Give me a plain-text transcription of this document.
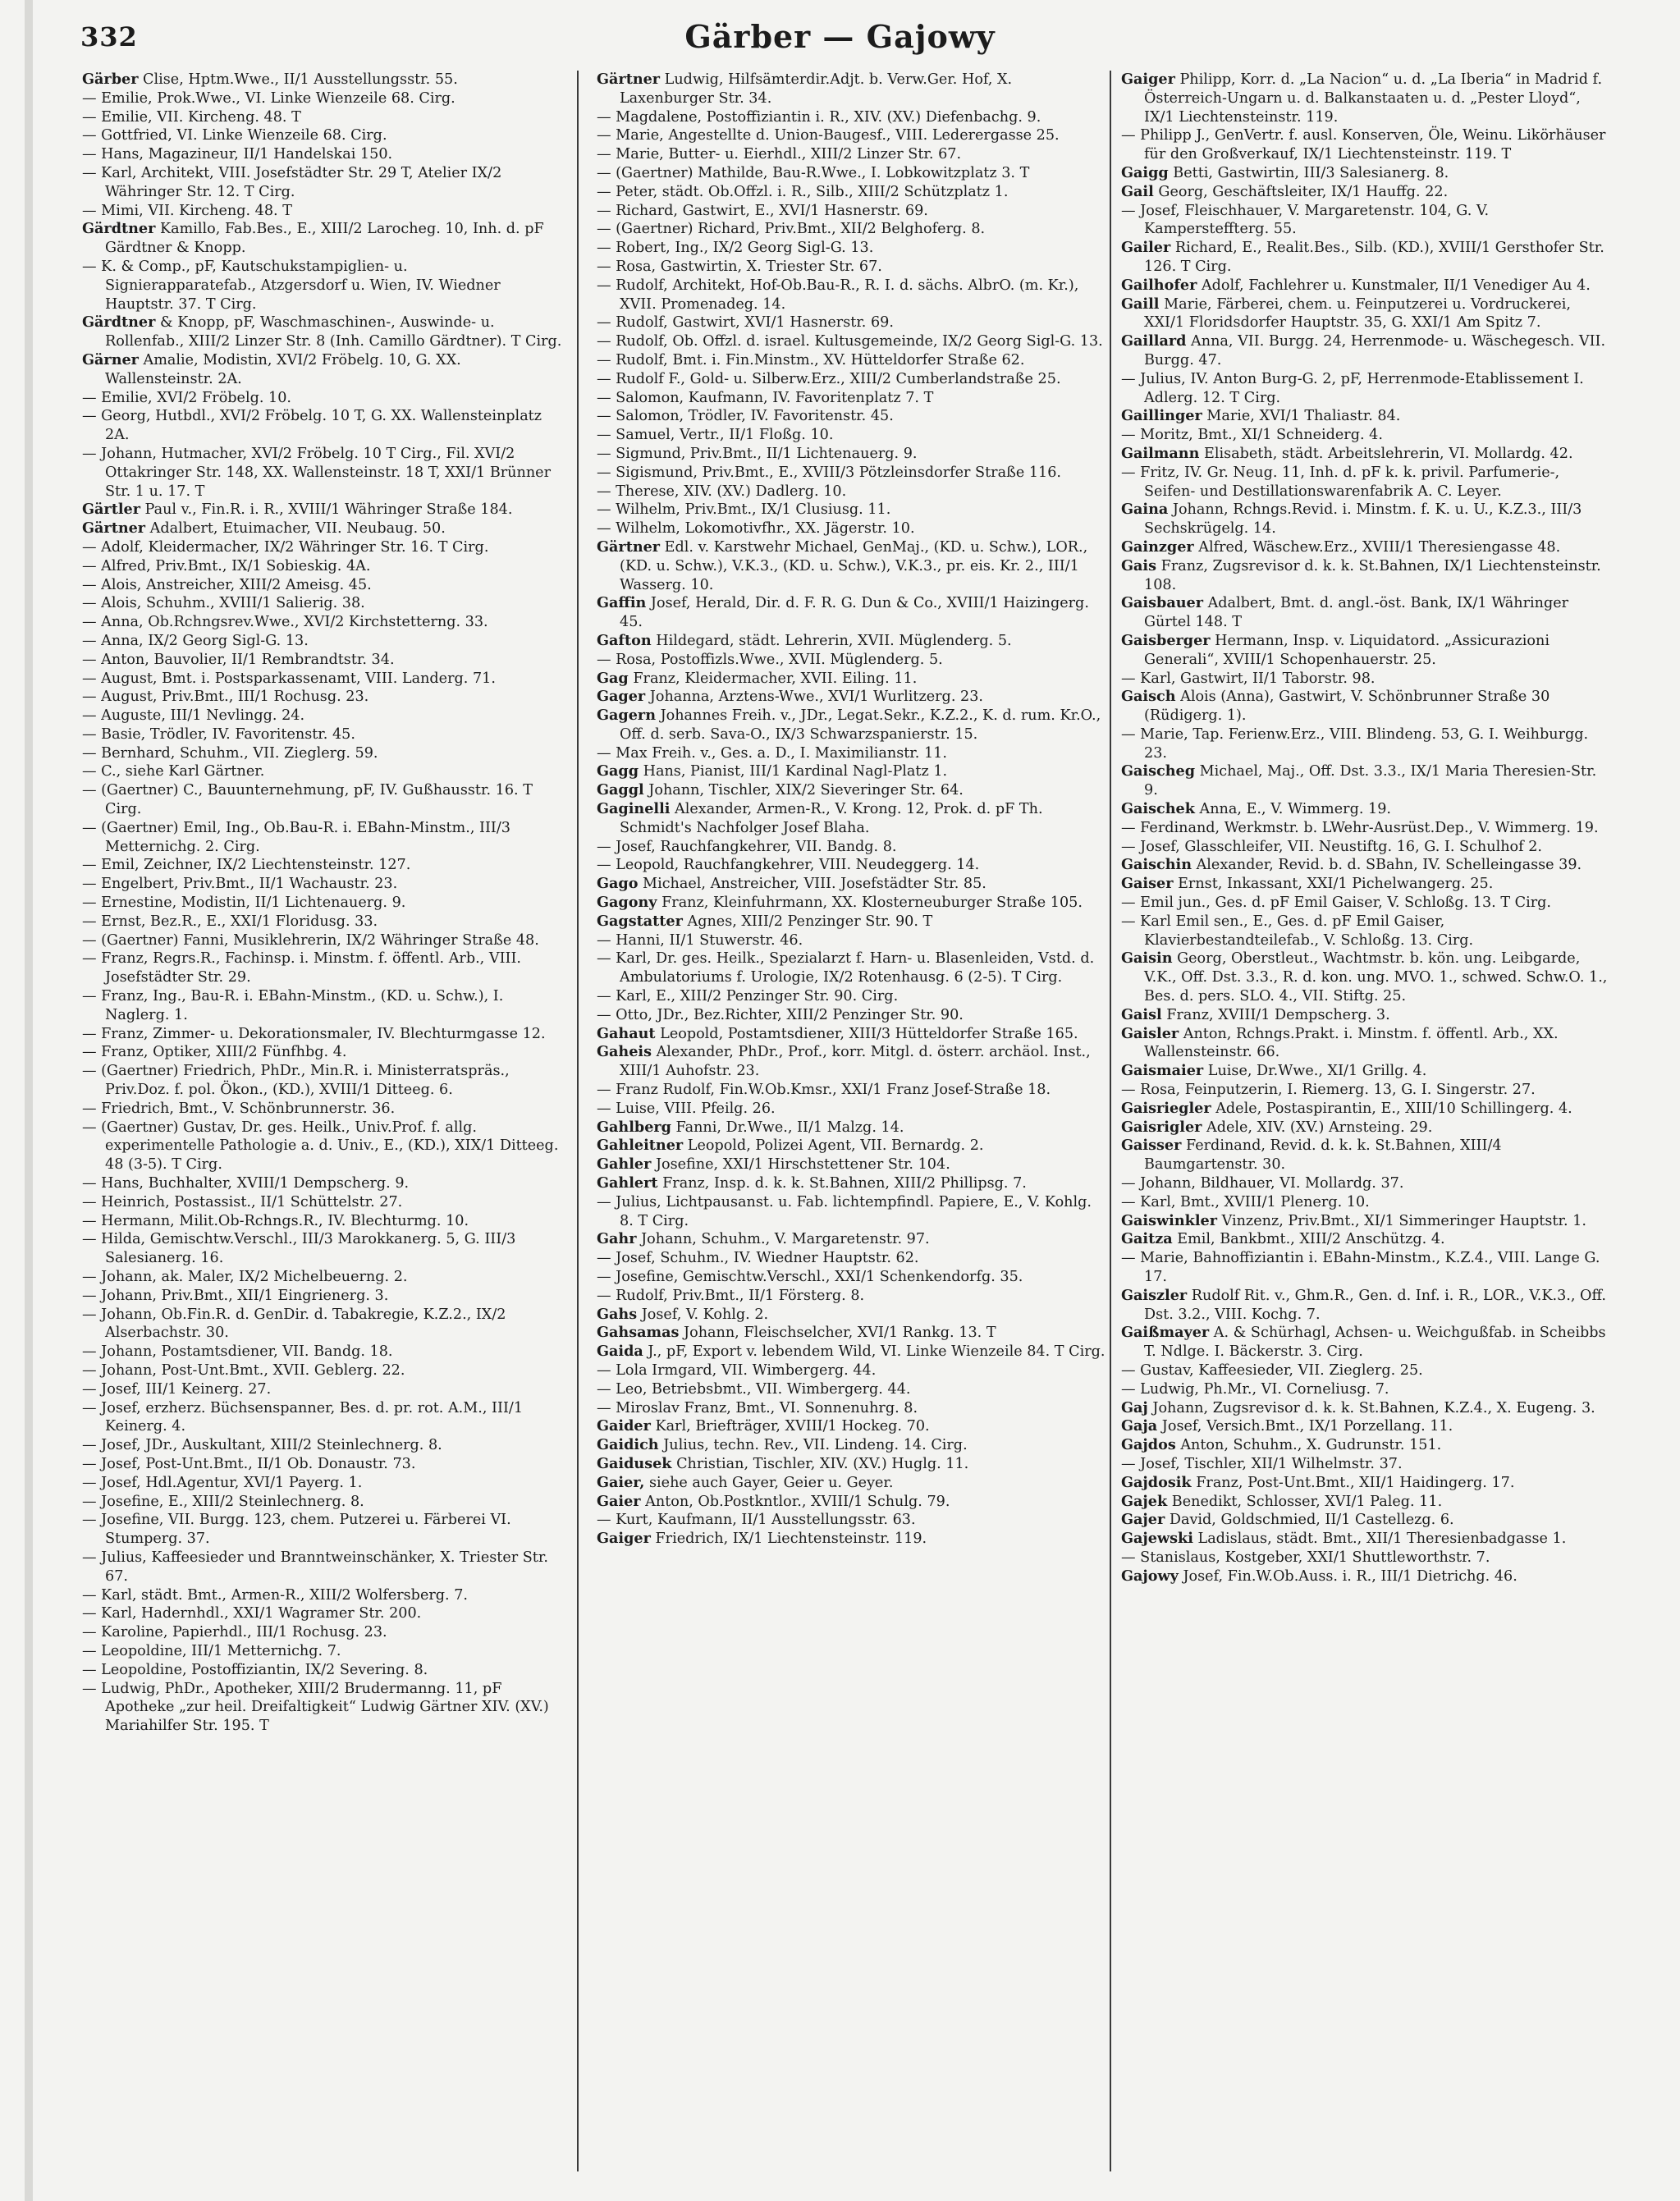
332	Gärber — Gajowy

Gärber Clise, Hptm.Wwe., II/1 Ausstellungsstr. 55.

— Emilie, Prok.Wwe., VI. Linke Wienzeile 68. Cirg.

— Emilie, VII. Kircheng. 48. T

— Gottfried, VI. Linke Wienzeile 68. Cirg.

— Hans, Magazineur, II/1 Handelskai 150.

— Karl, Architekt, VIII. Josefstädter Str. 29 T, Atelier IX/2 Währinger Str. 12. T Cirg.

— Mimi, VII. Kircheng. 48. T

Gärdtner Kamillo, Fab.Bes., E., XIII/2 Larocheg. 10, Inh. d. pF Gärdtner & Knopp.

— K. & Comp., pF, Kautschukstampiglien- u. Signierapparatefab., Atzgersdorf u. Wien, IV. Wiedner Hauptstr. 37. T Cirg.

Gärdtner & Knopp, pF, Waschmaschinen-, Auswinde- u. Rollenfab., XIII/2 Linzer Str. 8 (Inh. Camillo Gärdtner). T Cirg.

Gärner Amalie, Modistin, XVI/2 Fröbelg. 10, G. XX. Wallensteinstr. 2A.

— Emilie, XVI/2 Fröbelg. 10.

— Georg, Hutbdl., XVI/2 Fröbelg. 10 T, G. XX. Wallensteinplatz 2A.

— Johann, Hutmacher, XVI/2 Fröbelg. 10 T Cirg., Fil. XVI/2 Ottakringer Str. 148, XX. Wallensteinstr. 18 T, XXI/1 Brünner Str. 1 u. 17. T

Gärtler Paul v., Fin.R. i. R., XVIII/1 Währinger Straße 184.

Gärtner Adalbert, Etuimacher, VII. Neubaug. 50.

— Adolf, Kleidermacher, IX/2 Währinger Str. 16. T Cirg.

— Alfred, Priv.Bmt., IX/1 Sobieskig. 4A.

— Alois, Anstreicher, XIII/2 Ameisg. 45.

— Alois, Schuhm., XVIII/1 Salierig. 38.

— Anna, Ob.Rchngsrev.Wwe., XVI/2 Kirchstetterng. 33.

— Anna, IX/2 Georg Sigl-G. 13.

— Anton, Bauvolier, II/1 Rembrandtstr. 34.

— August, Bmt. i. Postsparkassenamt, VIII. Landerg. 71.

— August, Priv.Bmt., III/1 Rochusg. 23.

— Auguste, III/1 Nevlingg. 24.

— Basie, Trödler, IV. Favoritenstr. 45.

— Bernhard, Schuhm., VII. Zieglerg. 59.

— C., siehe Karl Gärtner.

— (Gaertner) C., Bauunternehmung, pF, IV. Gußhausstr. 16. T Cirg.

— (Gaertner) Emil, Ing., Ob.Bau-R. i. EBahn-Minstm., III/3 Metternichg. 2. Cirg.

— Emil, Zeichner, IX/2 Liechtensteinstr. 127.

— Engelbert, Priv.Bmt., II/1 Wachaustr. 23.

— Ernestine, Modistin, II/1 Lichtenauerg. 9.

— Ernst, Bez.R., E., XXI/1 Floridusg. 33.

— (Gaertner) Fanni, Musiklehrerin, IX/2 Währinger Straße 48.

— Franz, Regrs.R., Fachinsp. i. Minstm. f. öffentl. Arb., VIII. Josefstädter Str. 29.

— Franz, Ing., Bau-R. i. EBahn-Minstm., (KD. u. Schw.), I. Naglerg. 1.

— Franz, Zimmer- u. Dekorationsmaler, IV. Blechturmgasse 12.

— Franz, Optiker, XIII/2 Fünfhbg. 4.

— (Gaertner) Friedrich, PhDr., Min.R. i. Ministerratspräs., Priv.Doz. f. pol. Ökon., (KD.), XVIII/1 Ditteeg. 6.

— Friedrich, Bmt., V. Schönbrunnerstr. 36.

— (Gaertner) Gustav, Dr. ges. Heilk., Univ.Prof. f. allg. experimentelle Pathologie a. d. Univ., E., (KD.), XIX/1 Ditteeg. 48 (3-5). T Cirg.

— Hans, Buchhalter, XVIII/1 Dempscherg. 9.

— Heinrich, Postassist., II/1 Schüttelstr. 27.

— Hermann, Milit.Ob-Rchngs.R., IV. Blechturmg. 10.

— Hilda, Gemischtw.Verschl., III/3 Marokkanerg. 5, G. III/3 Salesianerg. 16.

— Johann, ak. Maler, IX/2 Michelbeuerng. 2.

— Johann, Priv.Bmt., XII/1 Eingrienerg. 3.

— Johann, Ob.Fin.R. d. GenDir. d. Tabakregie, K.Z.2., IX/2 Alserbachstr. 30.

— Johann, Postamtsdiener, VII. Bandg. 18.

— Johann, Post-Unt.Bmt., XVII. Geblerg. 22.

— Josef, III/1 Keinerg. 27.

— Josef, erzherz. Büchsenspanner, Bes. d. pr. rot. A.M., III/1 Keinerg. 4.

— Josef, JDr., Auskultant, XIII/2 Steinlechnerg. 8.

— Josef, Post-Unt.Bmt., II/1 Ob. Donaustr. 73.

— Josef, Hdl.Agentur, XVI/1 Payerg. 1.

— Josefine, E., XIII/2 Steinlechnerg. 8.

— Josefine, VII. Burgg. 123, chem. Putzerei u. Färberei VI. Stumperg. 37.

— Julius, Kaffeesieder und Branntweinschänker, X. Triester Str. 67.

— Karl, städt. Bmt., Armen-R., XIII/2 Wolfersberg. 7.

— Karl, Hadernhdl., XXI/1 Wagramer Str. 200.

— Karoline, Papierhdl., III/1 Rochusg. 23.

— Leopoldine, III/1 Metternichg. 7.

— Leopoldine, Postoffiziantin, IX/2 Severing. 8.

— Ludwig, PhDr., Apotheker, XIII/2 Brudermanng. 11, pF Apotheke „zur heil. Dreifaltigkeit“ Ludwig Gärtner XIV. (XV.) Mariahilfer Str. 195. T

Gärtner Ludwig, Hilfsämterdir.Adjt. b. Verw.Ger. Hof, X. Laxenburger Str. 34.

— Magdalene, Postoffiziantin i. R., XIV. (XV.) Diefenbachg. 9.

— Marie, Angestellte d. Union-Baugesf., VIII. Lederergasse 25.

— Marie, Butter- u. Eierhdl., XIII/2 Linzer Str. 67.

— (Gaertner) Mathilde, Bau-R.Wwe., I. Lobkowitzplatz 3. T

— Peter, städt. Ob.Offzl. i. R., Silb., XIII/2 Schützplatz 1.

— Richard, Gastwirt, E., XVI/1 Hasnerstr. 69.

— (Gaertner) Richard, Priv.Bmt., XII/2 Belghoferg. 8.

— Robert, Ing., IX/2 Georg Sigl-G. 13.

— Rosa, Gastwirtin, X. Triester Str. 67.

— Rudolf, Architekt, Hof-Ob.Bau-R., R. I. d. sächs. AlbrO. (m. Kr.), XVII. Promenadeg. 14.

— Rudolf, Gastwirt, XVI/1 Hasnerstr. 69.

— Rudolf, Ob. Offzl. d. israel. Kultusgemeinde, IX/2 Georg Sigl-G. 13.

— Rudolf, Bmt. i. Fin.Minstm., XV. Hütteldorfer Straße 62.

— Rudolf F., Gold- u. Silberw.Erz., XIII/2 Cumberlandstraße 25.

— Salomon, Kaufmann, IV. Favoritenplatz 7. T

— Salomon, Trödler, IV. Favoritenstr. 45.

— Samuel, Vertr., II/1 Floßg. 10.

— Sigmund, Priv.Bmt., II/1 Lichtenauerg. 9.

— Sigismund, Priv.Bmt., E., XVIII/3 Pötzleinsdorfer Straße 116.

— Therese, XIV. (XV.) Dadlerg. 10.

— Wilhelm, Priv.Bmt., IX/1 Clusiusg. 11.

— Wilhelm, Lokomotivfhr., XX. Jägerstr. 10.

Gärtner Edl. v. Karstwehr Michael, GenMaj., (KD. u. Schw.), LOR., (KD. u. Schw.), V.K.3., (KD. u. Schw.), V.K.3., pr. eis. Kr. 2., III/1 Wasserg. 10.

Gaffin Josef, Herald, Dir. d. F. R. G. Dun & Co., XVIII/1 Haizingerg. 45.

Gafton Hildegard, städt. Lehrerin, XVII. Müglenderg. 5.

— Rosa, Postoffizls.Wwe., XVII. Müglenderg. 5.

Gag Franz, Kleidermacher, XVII. Eiling. 11.

Gager Johanna, Arztens-Wwe., XVI/1 Wurlitzerg. 23.

Gagern Johannes Freih. v., JDr., Legat.Sekr., K.Z.2., K. d. rum. Kr.O., Off. d. serb. Sava-O., IX/3 Schwarzspanierstr. 15.

— Max Freih. v., Ges. a. D., I. Maximilianstr. 11.

Gagg Hans, Pianist, III/1 Kardinal Nagl-Platz 1.

Gaggl Johann, Tischler, XIX/2 Sieveringer Str. 64.

Gaginelli Alexander, Armen-R., V. Krong. 12, Prok. d. pF Th. Schmidt's Nachfolger Josef Blaha.

— Josef, Rauchfangkehrer, VII. Bandg. 8.

— Leopold, Rauchfangkehrer, VIII. Neudeggerg. 14.

Gago Michael, Anstreicher, VIII. Josefstädter Str. 85.

Gagony Franz, Kleinfuhrmann, XX. Klosterneuburger Straße 105.

Gagstatter Agnes, XIII/2 Penzinger Str. 90. T

— Hanni, II/1 Stuwerstr. 46.

— Karl, Dr. ges. Heilk., Spezialarzt f. Harn- u. Blasenleiden, Vstd. d. Ambulatoriums f. Urologie, IX/2 Rotenhausg. 6 (2-5). T Cirg.

— Karl, E., XIII/2 Penzinger Str. 90. Cirg.

— Otto, JDr., Bez.Richter, XIII/2 Penzinger Str. 90.

Gahaut Leopold, Postamtsdiener, XIII/3 Hütteldorfer Straße 165.

Gaheis Alexander, PhDr., Prof., korr. Mitgl. d. österr. archäol. Inst., XIII/1 Auhofstr. 23.

— Franz Rudolf, Fin.W.Ob.Kmsr., XXI/1 Franz Josef-Straße 18.

— Luise, VIII. Pfeilg. 26.

Gahlberg Fanni, Dr.Wwe., II/1 Malzg. 14.

Gahleitner Leopold, Polizei Agent, VII. Bernardg. 2.

Gahler Josefine, XXI/1 Hirschstettener Str. 104.

Gahlert Franz, Insp. d. k. k. St.Bahnen, XIII/2 Phillipsg. 7.

— Julius, Lichtpausanst. u. Fab. lichtempfindl. Papiere, E., V. Kohlg. 8. T Cirg.

Gahr Johann, Schuhm., V. Margaretenstr. 97.

— Josef, Schuhm., IV. Wiedner Hauptstr. 62.

— Josefine, Gemischtw.Verschl., XXI/1 Schenkendorfg. 35.

— Rudolf, Priv.Bmt., II/1 Försterg. 8.

Gahs Josef, V. Kohlg. 2.

Gahsamas Johann, Fleischselcher, XVI/1 Rankg. 13. T

Gaida J., pF, Export v. lebendem Wild, VI. Linke Wienzeile 84. T Cirg.

— Lola Irmgard, VII. Wimbergerg. 44.

— Leo, Betriebsbmt., VII. Wimbergerg. 44.

— Miroslav Franz, Bmt., VI. Sonnenuhrg. 8.

Gaider Karl, Briefträger, XVIII/1 Hockeg. 70.

Gaidich Julius, techn. Rev., VII. Lindeng. 14. Cirg.

Gaidusek Christian, Tischler, XIV. (XV.) Huglg. 11.

Gaier, siehe auch Gayer, Geier u. Geyer.

Gaier Anton, Ob.Postkntlor., XVIII/1 Schulg. 79.

— Kurt, Kaufmann, II/1 Ausstellungsstr. 63.

Gaiger Friedrich, IX/1 Liechtensteinstr. 119.

Gaiger Philipp, Korr. d. „La Nacion“ u. d. „La Iberia“ in Madrid f. Österreich-Ungarn u. d. Balkanstaaten u. d. „Pester Lloyd“, IX/1 Liechtensteinstr. 119.

— Philipp J., GenVertr. f. ausl. Konserven, Öle, Weinu. Likörhäuser für den Großverkauf, IX/1 Liechtensteinstr. 119. T

Gaigg Betti, Gastwirtin, III/3 Salesianerg. 8.

Gail Georg, Geschäftsleiter, IX/1 Hauffg. 22.

— Josef, Fleischhauer, V. Margaretenstr. 104, G. V. Kampersteffterg. 55.

Gailer Richard, E., Realit.Bes., Silb. (KD.), XVIII/1 Gersthofer Str. 126. T Cirg.

Gailhofer Adolf, Fachlehrer u. Kunstmaler, II/1 Venediger Au 4.

Gaill Marie, Färberei, chem. u. Feinputzerei u. Vordruckerei, XXI/1 Floridsdorfer Hauptstr. 35, G. XXI/1 Am Spitz 7.

Gaillard Anna, VII. Burgg. 24, Herrenmode- u. Wäschegesch. VII. Burgg. 47.

— Julius, IV. Anton Burg-G. 2, pF, Herrenmode-Etablissement I. Adlerg. 12. T Cirg.

Gaillinger Marie, XVI/1 Thaliastr. 84.

— Moritz, Bmt., XI/1 Schneiderg. 4.

Gailmann Elisabeth, städt. Arbeitslehrerin, VI. Mollardg. 42.

— Fritz, IV. Gr. Neug. 11, Inh. d. pF k. k. privil. Parfumerie-, Seifen- und Destillationswarenfabrik A. C. Leyer.

Gaina Johann, Rchngs.Revid. i. Minstm. f. K. u. U., K.Z.3., III/3 Sechskrügelg. 14.

Gainzger Alfred, Wäschew.Erz., XVIII/1 Theresiengasse 48.

Gais Franz, Zugsrevisor d. k. k. St.Bahnen, IX/1 Liechtensteinstr. 108.

Gaisbauer Adalbert, Bmt. d. angl.-öst. Bank, IX/1 Währinger Gürtel 148. T

Gaisberger Hermann, Insp. v. Liquidatord. „Assicurazioni Generali“, XVIII/1 Schopenhauerstr. 25.

— Karl, Gastwirt, II/1 Taborstr. 98.

Gaisch Alois (Anna), Gastwirt, V. Schönbrunner Straße 30 (Rüdigerg. 1).

— Marie, Tap. Ferienw.Erz., VIII. Blindeng. 53, G. I. Weihburgg. 23.

Gaischeg Michael, Maj., Off. Dst. 3.3., IX/1 Maria Theresien-Str. 9.

Gaischek Anna, E., V. Wimmerg. 19.

— Ferdinand, Werkmstr. b. LWehr-Ausrüst.Dep., V. Wimmerg. 19.

— Josef, Glasschleifer, VII. Neustiftg. 16, G. I. Schulhof 2.

Gaischin Alexander, Revid. b. d. SBahn, IV. Schelleingasse 39.

Gaiser Ernst, Inkassant, XXI/1 Pichelwangerg. 25.

— Emil jun., Ges. d. pF Emil Gaiser, V. Schloßg. 13. T Cirg.

— Karl Emil sen., E., Ges. d. pF Emil Gaiser, Klavierbestandteilefab., V. Schloßg. 13. Cirg.

Gaisin Georg, Oberstleut., Wachtmstr. b. kön. ung. Leibgarde, V.K., Off. Dst. 3.3., R. d. kon. ung. MVO. 1., schwed. Schw.O. 1., Bes. d. pers. SLO. 4., VII. Stiftg. 25.

Gaisl Franz, XVIII/1 Dempscherg. 3.

Gaisler Anton, Rchngs.Prakt. i. Minstm. f. öffentl. Arb., XX. Wallensteinstr. 66.

Gaismaier Luise, Dr.Wwe., XI/1 Grillg. 4.

— Rosa, Feinputzerin, I. Riemerg. 13, G. I. Singerstr. 27.

Gaisriegler Adele, Postaspirantin, E., XIII/10 Schillingerg. 4.

Gaisrigler Adele, XIV. (XV.) Arnsteing. 29.

Gaisser Ferdinand, Revid. d. k. k. St.Bahnen, XIII/4 Baumgartenstr. 30.

— Johann, Bildhauer, VI. Mollardg. 37.

— Karl, Bmt., XVIII/1 Plenerg. 10.

Gaiswinkler Vinzenz, Priv.Bmt., XI/1 Simmeringer Hauptstr. 1.

Gaitza Emil, Bankbmt., XIII/2 Anschützg. 4.

— Marie, Bahnoffiziantin i. EBahn-Minstm., K.Z.4., VIII. Lange G. 17.

Gaiszler Rudolf Rit. v., Ghm.R., Gen. d. Inf. i. R., LOR., V.K.3., Off. Dst. 3.2., VIII. Kochg. 7.

Gaißmayer A. & Schürhagl, Achsen- u. Weichgußfab. in Scheibbs T. Ndlge. I. Bäckerstr. 3. Cirg.

— Gustav, Kaffeesieder, VII. Zieglerg. 25.

— Ludwig, Ph.Mr., VI. Corneliusg. 7.

Gaj Johann, Zugsrevisor d. k. k. St.Bahnen, K.Z.4., X. Eugeng. 3.

Gaja Josef, Versich.Bmt., IX/1 Porzellang. 11.

Gajdos Anton, Schuhm., X. Gudrunstr. 151.

— Josef, Tischler, XII/1 Wilhelmstr. 37.

Gajdosik Franz, Post-Unt.Bmt., XII/1 Haidingerg. 17.

Gajek Benedikt, Schlosser, XVI/1 Paleg. 11.

Gajer David, Goldschmied, II/1 Castellezg. 6.

Gajewski Ladislaus, städt. Bmt., XII/1 Theresienbadgasse 1.

— Stanislaus, Kostgeber, XXI/1 Shuttleworthstr. 7.

Gajowy Josef, Fin.W.Ob.Auss. i. R., III/1 Dietrichg. 46.
